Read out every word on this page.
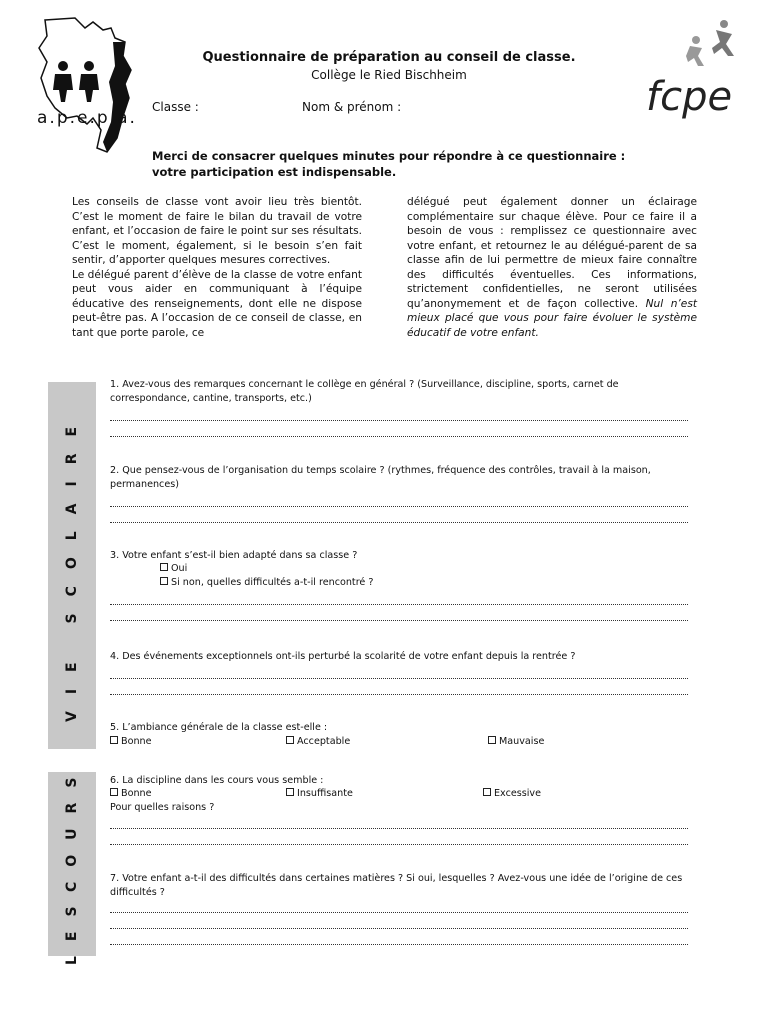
a.p.e.p.a.	fcpe
Questionnaire de préparation au conseil de classe.
Collège le Ried Bischheim
Classe :	Nom & prénom :
Merci de consacrer quelques minutes pour répondre à ce questionnaire : votre participation est indispensable.

Les conseils de classe vont avoir lieu très bientôt. C’est le moment de faire le bilan du travail de votre enfant, et l’occasion de faire le point sur ses résultats. C’est le moment, également, si le besoin s’en fait sentir, d’apporter quelques mesures correctives.

Le délégué parent d’élève de la classe de votre enfant peut vous aider en communiquant à l’équipe éducative des renseignements, dont elle ne dispose peut-être pas. A l’occasion de ce conseil de classe, en tant que porte parole, ce

délégué peut également donner un éclairage complémentaire sur chaque élève. Pour ce faire il a besoin de vous : remplissez ce questionnaire avec votre enfant, et retournez le au délégué-parent de sa classe afin de lui permettre de mieux faire connaître des difficultés éventuelles. Ces informations, strictement confidentielles, ne seront utilisées qu’anonymement et de façon collective. Nul n’est mieux placé que vous pour faire évoluer le système éducatif de votre enfant.

VIE SCOLAIRE
LES
COURS
1. Avez-vous des remarques concernant le collège en général ? (Surveillance, discipline, sports, carnet de correspondance, cantine, transports, etc.)
2. Que pensez-vous de l’organisation du temps scolaire ? (rythmes, fréquence des contrôles, travail à la maison, permanences)
3. Votre enfant s’est-il bien adapté dans sa classe ?
Oui
Si non, quelles difficultés a-t-il rencontré ?
4. Des événements exceptionnels ont-ils perturbé la scolarité de votre enfant depuis la rentrée ?
5. L’ambiance générale de la classe est-elle :
Bonne	Acceptable	Mauvaise
6. La discipline dans les cours vous semble :
Bonne	Insuffisante	Excessive
Pour quelles raisons ?
7. Votre enfant a-t-il des difficultés dans certaines matières ? Si oui, lesquelles ? Avez-vous une idée de l’origine de ces difficultés ?
